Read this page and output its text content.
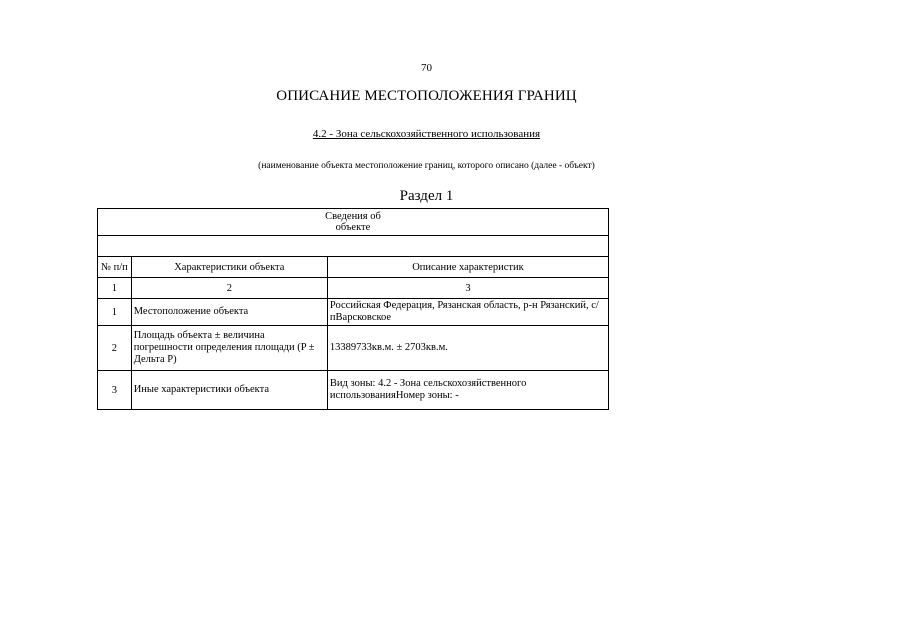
70
ОПИСАНИЕ МЕСТОПОЛОЖЕНИЯ ГРАНИЦ
4.2 - Зона сельскохозяйственного использования
(наименование объекта местоположение границ, которого описано (далее - объект)
Раздел 1
Сведения об
объекте		

№ п/п	Характеристики объекта	Описание характеристик
1	2	3
1	Местоположение объекта	Российская Федерация, Рязанская область, р-н Рязанский, с/пВарсковское
2	Площадь объекта ± величина погрешности определения площади (P ± Дельта P)	13389733кв.м. ± 2703кв.м.
3	Иные характеристики объекта	Вид зоны: 4.2 - Зона сельскохозяйственного использованияНомер зоны: -
